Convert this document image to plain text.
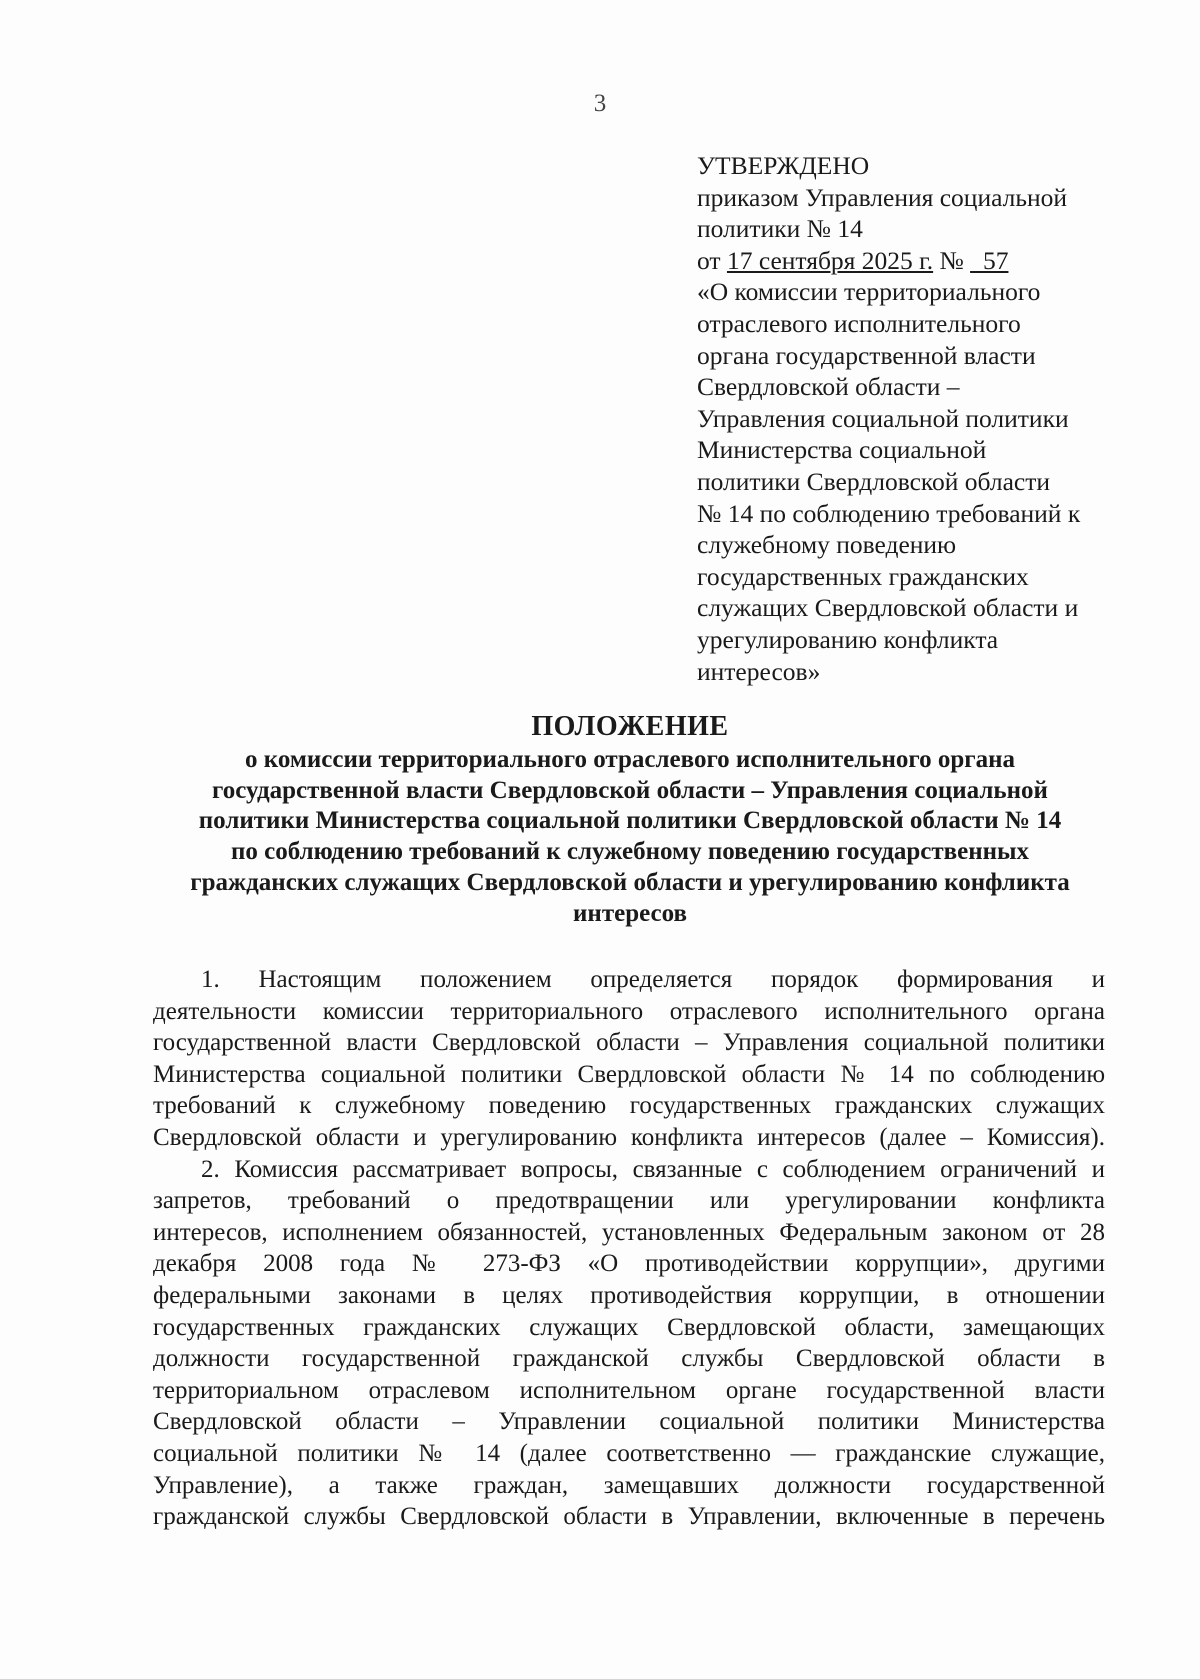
3
УТВЕРЖДЕНО
приказом Управления социальной
политики № 14
от 17 сентября 2025 г. № _57
«О комиссии территориального
отраслевого исполнительного
органа государственной власти
Свердловской области –
Управления социальной политики
Министерства социальной
политики Свердловской области
№ 14 по соблюдению требований к
служебному поведению
государственных гражданских
служащих Свердловской области и
урегулированию конфликта
интересов»
ПОЛОЖЕНИЕ
о комиссии территориального отраслевого исполнительного органа
государственной власти Свердловской области – Управления социальной
политики Министерства социальной политики Свердловской области № 14
по соблюдению требований к служебному поведению государственных
гражданских служащих Свердловской области и урегулированию конфликта
интересов
1. Настоящим положением определяется порядок формирования и
деятельности комиссии территориального отраслевого исполнительного органа
государственной власти Свердловской области – Управления социальной политики
Министерства социальной политики Свердловской области № 14 по соблюдению
требований к служебному поведению государственных гражданских служащих
Свердловской области и урегулированию конфликта интересов (далее – Комиссия).
2. Комиссия рассматривает вопросы, связанные с соблюдением ограничений и
запретов, требований о предотвращении или урегулировании конфликта
интересов, исполнением обязанностей, установленных Федеральным законом от 28
декабря 2008 года № 273-ФЗ «О противодействии коррупции», другими
федеральными законами в целях противодействия коррупции, в отношении
государственных гражданских служащих Свердловской области, замещающих
должности государственной гражданской службы Свердловской области в
территориальном отраслевом исполнительном органе государственной власти
Свердловской области – Управлении социальной политики Министерства
социальной политики № 14 (далее соответственно — гражданские служащие,
Управление), а также граждан, замещавших должности государственной
гражданской службы Свердловской области в Управлении, включенные в перечень
